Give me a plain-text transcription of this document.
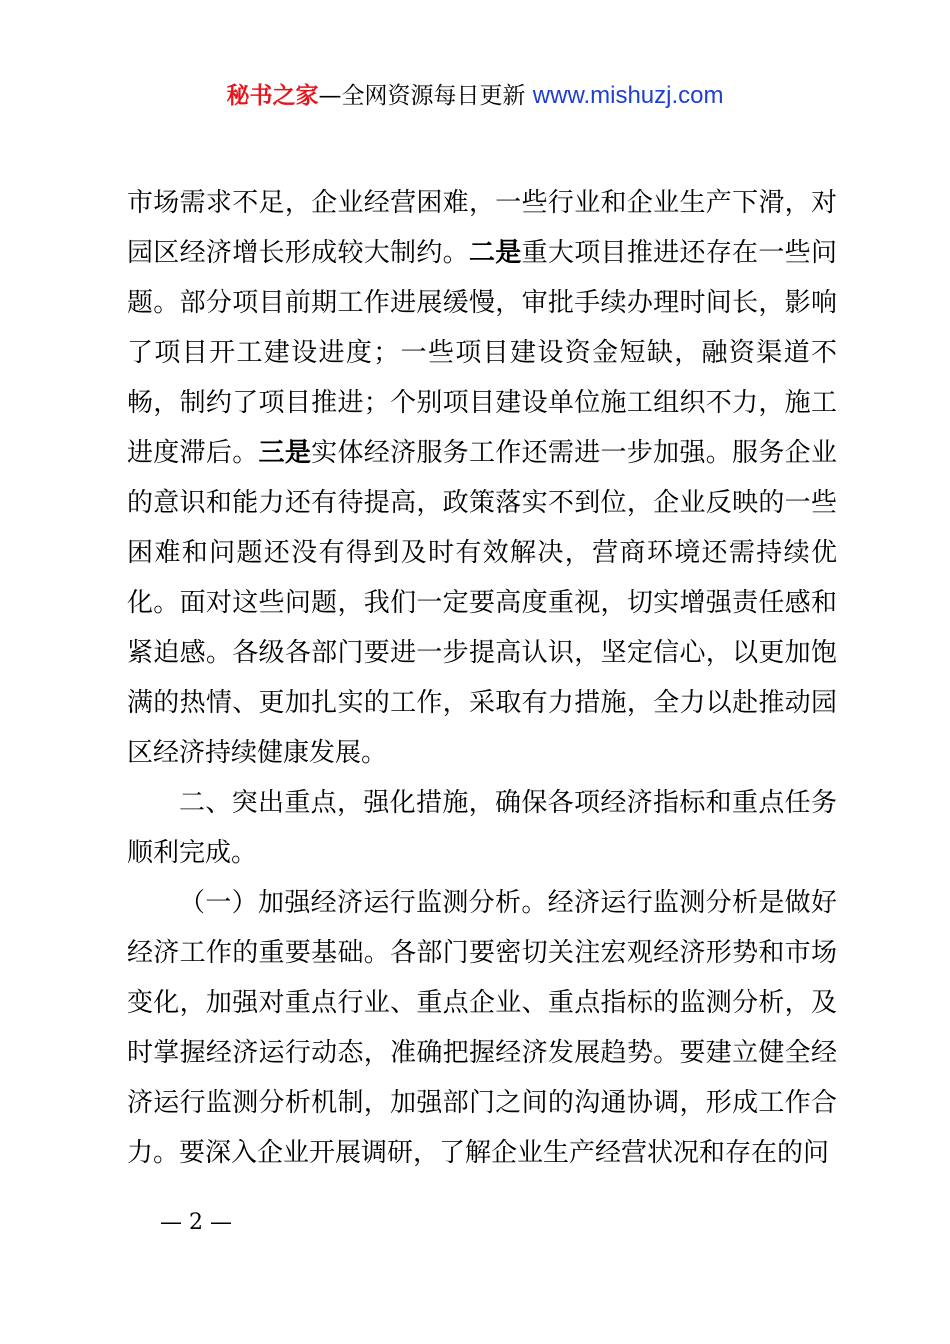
秘书之家—全网资源每日更新 www.mishuzj.com

市场需求不足，企业经营困难，一些行业和企业生产下滑，对园区经济增长形成较大制约。二是重大项目推进还存在一些问题。部分项目前期工作进展缓慢，审批手续办理时间长，影响了项目开工建设进度；一些项目建设资金短缺，融资渠道不畅，制约了项目推进；个别项目建设单位施工组织不力，施工进度滞后。三是实体经济服务工作还需进一步加强。服务企业的意识和能力还有待提高，政策落实不到位，企业反映的一些困难和问题还没有得到及时有效解决，营商环境还需持续优化。面对这些问题，我们一定要高度重视，切实增强责任感和紧迫感。各级各部门要进一步提高认识，坚定信心，以更加饱满的热情、更加扎实的工作，采取有力措施，全力以赴推动园区经济持续健康发展。

二、突出重点，强化措施，确保各项经济指标和重点任务顺利完成。

（一）加强经济运行监测分析。经济运行监测分析是做好经济工作的重要基础。各部门要密切关注宏观经济形势和市场变化，加强对重点行业、重点企业、重点指标的监测分析，及时掌握经济运行动态，准确把握经济发展趋势。要建立健全经济运行监测分析机制，加强部门之间的沟通协调，形成工作合力。要深入企业开展调研，了解企业生产经营状况和存在的问

— 2 —
